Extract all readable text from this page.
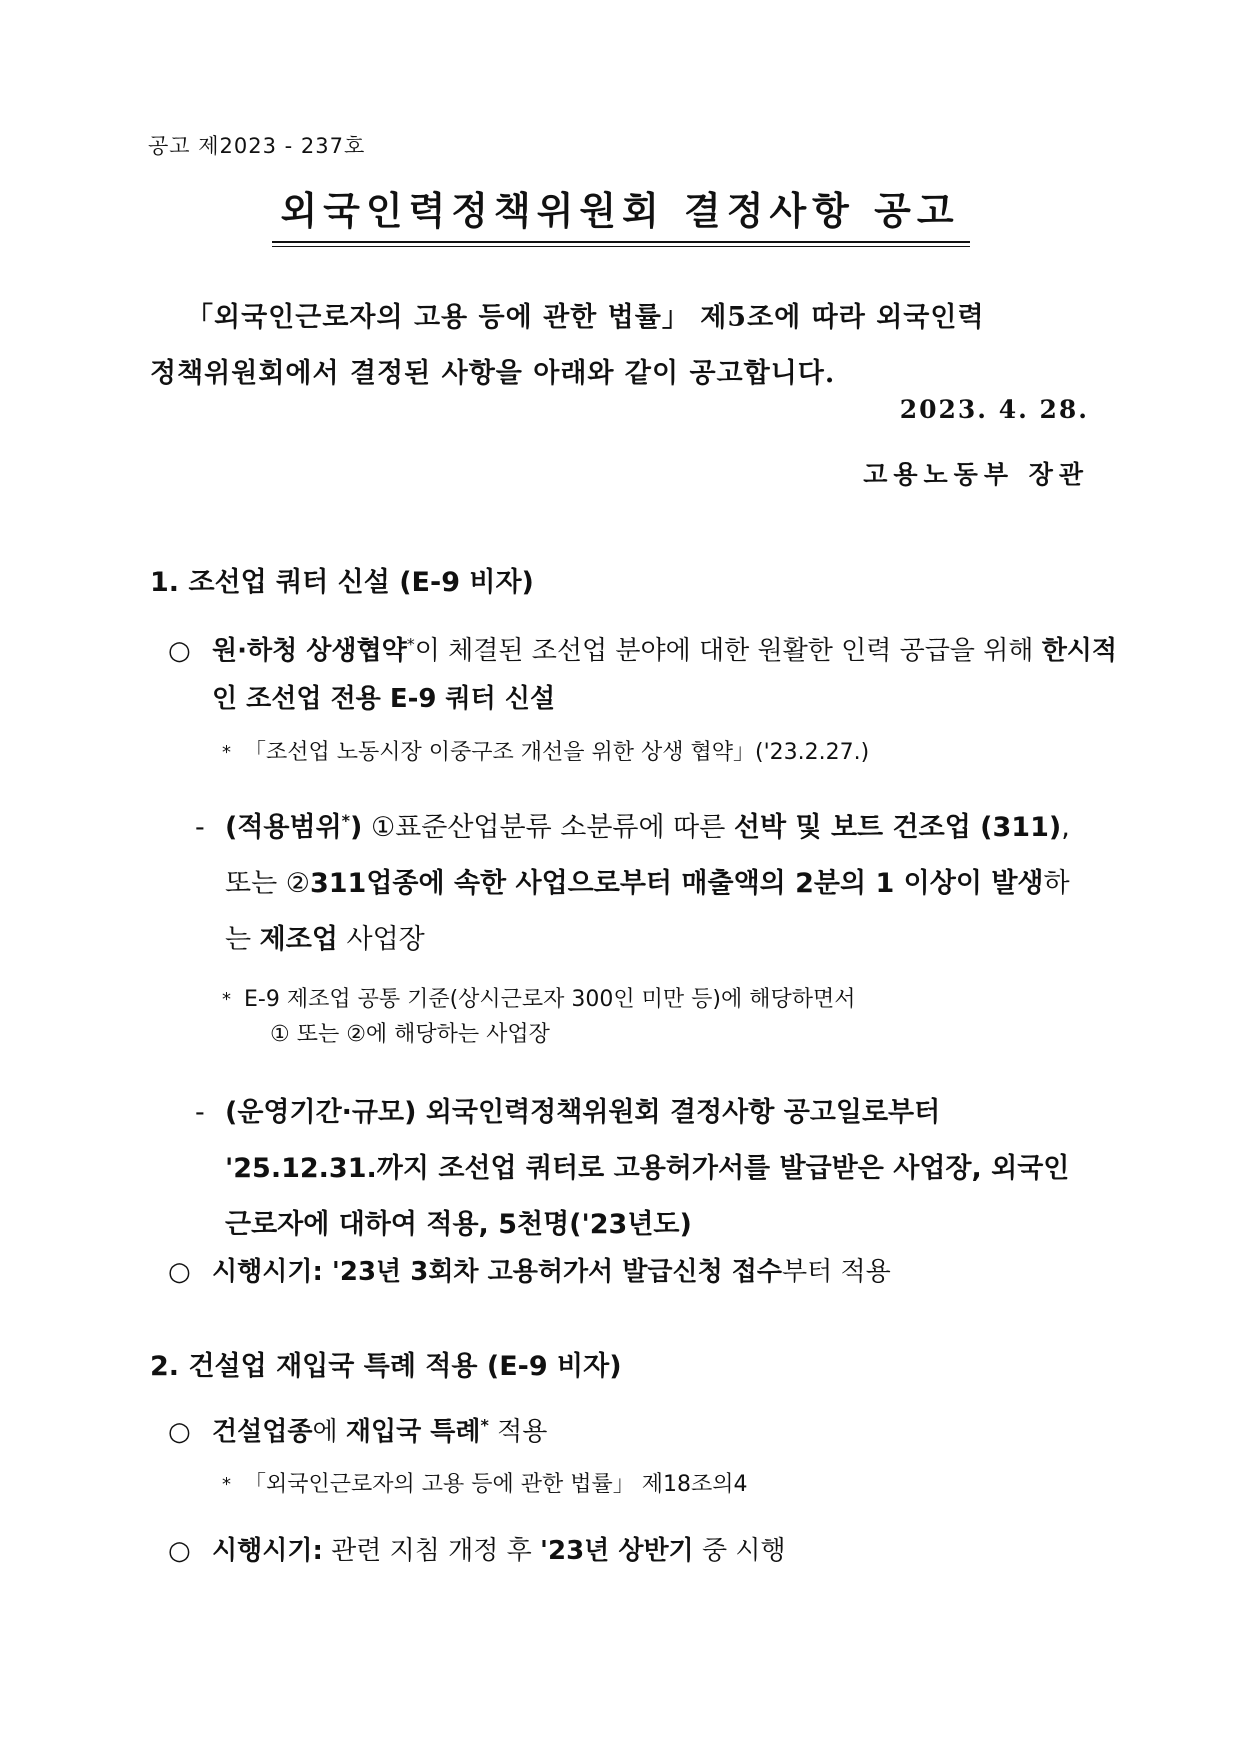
공고 제2023 - 237호
외국인력정책위원회 결정사항 공고
「외국인근로자의 고용 등에 관한 법률」 제5조에 따라 외국인력
정책위원회에서 결정된 사항을 아래와 같이 공고합니다.
2023. 4. 28.
고용노동부 장관
1. 조선업 쿼터 신설 (E-9 비자)
○ 원·하청 상생협약*이 체결된 조선업 분야에 대한 원활한 인력 공급을 위해 한시적인 조선업 전용 E-9 쿼터 신설
* 「조선업 노동시장 이중구조 개선을 위한 상생 협약」('23.2.27.)
- (적용범위*) ①표준산업분류 소분류에 따른 선박 및 보트 건조업 (311), 또는 ②311업종에 속한 사업으로부터 매출액의 2분의 1 이상이 발생하는 제조업 사업장
* E-9 제조업 공통 기준(상시근로자 300인 미만 등)에 해당하면서
① 또는 ②에 해당하는 사업장
- (운영기간·규모) 외국인력정책위원회 결정사항 공고일로부터 '25.12.31.까지 조선업 쿼터로 고용허가서를 발급받은 사업장, 외국인근로자에 대하여 적용, 5천명('23년도)
○ 시행시기: '23년 3회차 고용허가서 발급신청 접수부터 적용
2. 건설업 재입국 특례 적용 (E-9 비자)
○ 건설업종에 재입국 특례* 적용
* 「외국인근로자의 고용 등에 관한 법률」 제18조의4
○ 시행시기: 관련 지침 개정 후 '23년 상반기 중 시행
